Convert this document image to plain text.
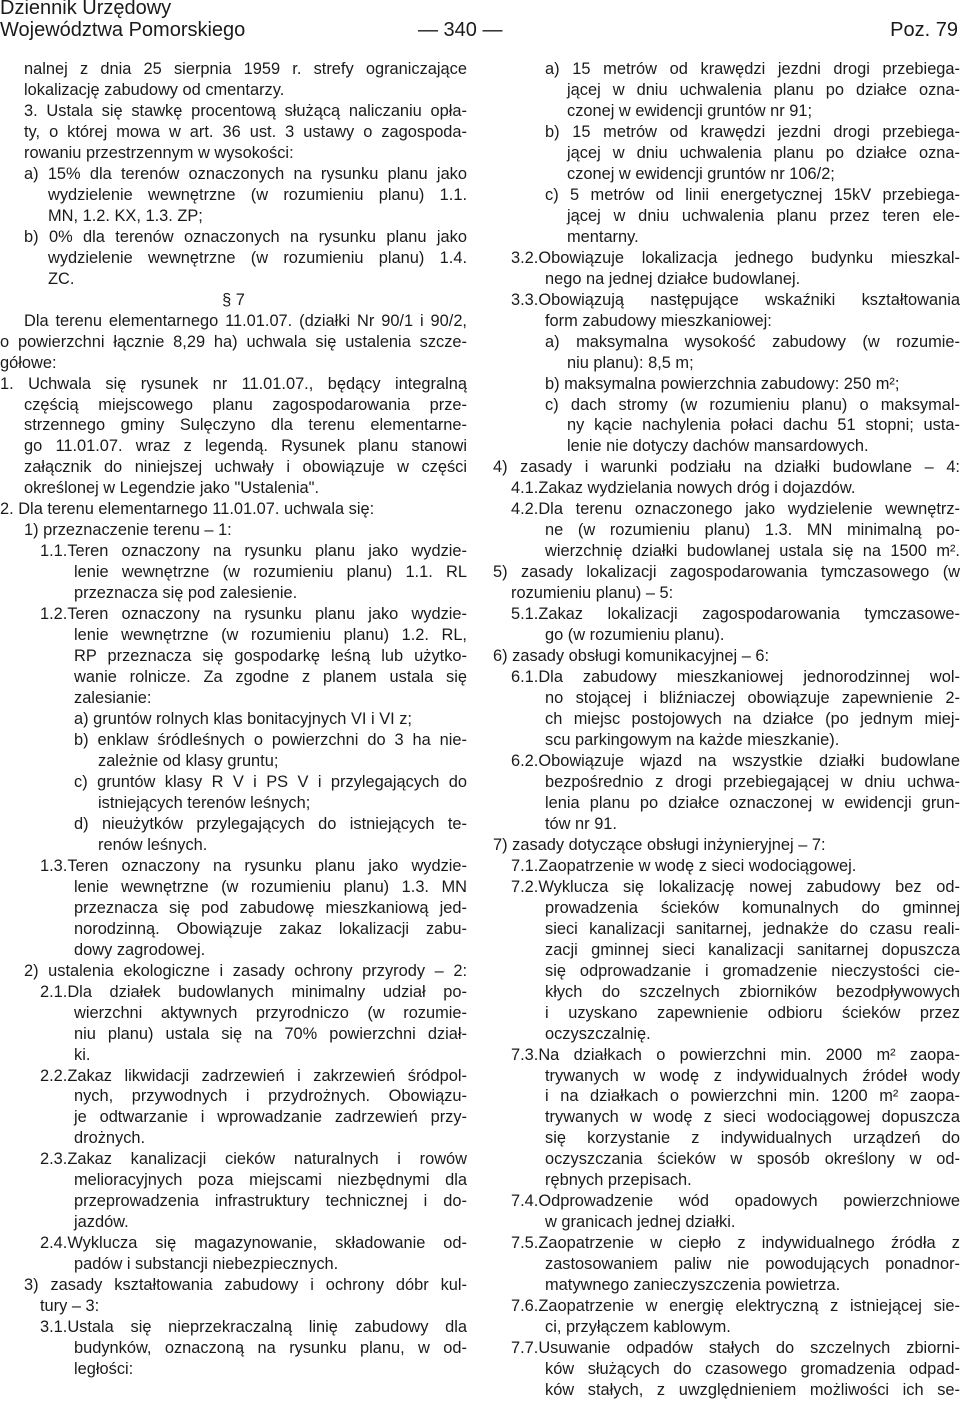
Dziennik Urzędowy
Województwa Pomorskiego	— 340 —	Poz. 79
nalnej z dnia 25 sierpnia 1959 r. strefy ograniczające
lokalizację zabudowy od cmentarzy.
3. Ustala się stawkę procentową służącą naliczaniu opła-
ty, o której mowa w art. 36 ust. 3 ustawy o zagospoda-
rowaniu przestrzennym w wysokości:
a) 15% dla terenów oznaczonych na rysunku planu jako
wydzielenie wewnętrzne (w rozumieniu planu) 1.1.
MN, 1.2. KX, 1.3. ZP;
b) 0% dla terenów oznaczonych na rysunku planu jako
wydzielenie wewnętrzne (w rozumieniu planu) 1.4.
ZC.
§ 7
Dla terenu elementarnego 11.01.07. (działki Nr 90/1 i 90/2,
o powierzchni łącznie 8,29 ha) uchwala się ustalenia szcze-
gółowe:
1. Uchwala się rysunek nr 11.01.07., będący integralną
częścią miejscowego planu zagospodarowania prze-
strzennego gminy Sulęczyno dla terenu elementarne-
go 11.01.07. wraz z legendą. Rysunek planu stanowi
załącznik do niniejszej uchwały i obowiązuje w części
określonej w Legendzie jako "Ustalenia".
2. Dla terenu elementarnego 11.01.07. uchwala się:
1) przeznaczenie terenu – 1:
1.1.Teren oznaczony na rysunku planu jako wydzie-
lenie wewnętrzne (w rozumieniu planu) 1.1. RL
przeznacza się pod zalesienie.
1.2.Teren oznaczony na rysunku planu jako wydzie-
lenie wewnętrzne (w rozumieniu planu) 1.2. RL,
RP przeznacza się gospodarkę leśną lub użytko-
wanie rolnicze. Za zgodne z planem ustala się
zalesianie:
a) gruntów rolnych klas bonitacyjnych VI i VI z;
b) enklaw śródleśnych o powierzchni do 3 ha nie-
zależnie od klasy gruntu;
c) gruntów klasy R V i PS V i przylegających do
istniejących terenów leśnych;
d) nieużytków przylegających do istniejących te-
renów leśnych.
1.3.Teren oznaczony na rysunku planu jako wydzie-
lenie wewnętrzne (w rozumieniu planu) 1.3. MN
przeznacza się pod zabudowę mieszkaniową jed-
norodzinną. Obowiązuje zakaz lokalizacji zabu-
dowy zagrodowej.
2) ustalenia ekologiczne i zasady ochrony przyrody – 2:
2.1.Dla działek budowlanych minimalny udział po-
wierzchni aktywnych przyrodniczo (w rozumie-
niu planu) ustala się na 70% powierzchni dział-
ki.
2.2.Zakaz likwidacji zadrzewień i zakrzewień śródpol-
nych, przywodnych i przydrożnych. Obowiązu-
je odtwarzanie i wprowadzanie zadrzewień przy-
drożnych.
2.3.Zakaz kanalizacji cieków naturalnych i rowów
melioracyjnych poza miejscami niezbędnymi dla
przeprowadzenia infrastruktury technicznej i do-
jazdów.
2.4.Wyklucza się magazynowanie, składowanie od-
padów i substancji niebezpiecznych.
3) zasady kształtowania zabudowy i ochrony dóbr kul-
tury – 3:
3.1.Ustala się nieprzekraczalną linię zabudowy dla
budynków, oznaczoną na rysunku planu, w od-
ległości:
a) 15 metrów od krawędzi jezdni drogi przebiega-
jącej w dniu uchwalenia planu po działce ozna-
czonej w ewidencji gruntów nr 91;
b) 15 metrów od krawędzi jezdni drogi przebiega-
jącej w dniu uchwalenia planu po działce ozna-
czonej w ewidencji gruntów nr 106/2;
c) 5 metrów od linii energetycznej 15kV przebiega-
jącej w dniu uchwalenia planu przez teren ele-
mentarny.
3.2.Obowiązuje lokalizacja jednego budynku mieszkal-
nego na jednej działce budowlanej.
3.3.Obowiązują następujące wskaźniki kształtowania
form zabudowy mieszkaniowej:
a) maksymalna wysokość zabudowy (w rozumie-
niu planu): 8,5 m;
b) maksymalna powierzchnia zabudowy: 250 m²;
c) dach stromy (w rozumieniu planu) o maksymal-
ny kącie nachylenia połaci dachu 51 stopni; usta-
lenie nie dotyczy dachów mansardowych.
4) zasady i warunki podziału na działki budowlane – 4:
4.1.Zakaz wydzielania nowych dróg i dojazdów.
4.2.Dla terenu oznaczonego jako wydzielenie wewnętrz-
ne (w rozumieniu planu) 1.3. MN minimalną po-
wierzchnię działki budowlanej ustala się na 1500 m².
5) zasady lokalizacji zagospodarowania tymczasowego (w
rozumieniu planu) – 5:
5.1.Zakaz lokalizacji zagospodarowania tymczasowe-
go (w rozumieniu planu).
6) zasady obsługi komunikacyjnej – 6:
6.1.Dla zabudowy mieszkaniowej jednorodzinnej wol-
no stojącej i bliźniaczej obowiązuje zapewnienie 2-
ch miejsc postojowych na działce (po jednym miej-
scu parkingowym na każde mieszkanie).
6.2.Obowiązuje wjazd na wszystkie działki budowlane
bezpośrednio z drogi przebiegającej w dniu uchwa-
lenia planu po działce oznaczonej w ewidencji grun-
tów nr 91.
7) zasady dotyczące obsługi inżynieryjnej – 7:
7.1.Zaopatrzenie w wodę z sieci wodociągowej.
7.2.Wyklucza się lokalizację nowej zabudowy bez od-
prowadzenia ścieków komunalnych do gminnej
sieci kanalizacji sanitarnej, jednakże do czasu reali-
zacji gminnej sieci kanalizacji sanitarnej dopuszcza
się odprowadzanie i gromadzenie nieczystości cie-
kłych do szczelnych zbiorników bezodpływowych
i uzyskano zapewnienie odbioru ścieków przez
oczyszczalnię.
7.3.Na działkach o powierzchni min. 2000 m² zaopa-
trywanych w wodę z indywidualnych źródeł wody
i na działkach o powierzchni min. 1200 m² zaopa-
trywanych w wodę z sieci wodociągowej dopuszcza
się korzystanie z indywidualnych urządzeń do
oczyszczania ścieków w sposób określony w od-
rębnych przepisach.
7.4.Odprowadzenie wód opadowych powierzchniowe
w granicach jednej działki.
7.5.Zaopatrzenie w ciepło z indywidualnego źródła z
zastosowaniem paliw nie powodujących ponadnor-
matywnego zanieczyszczenia powietrza.
7.6.Zaopatrzenie w energię elektryczną z istniejącej sie-
ci, przyłączem kablowym.
7.7.Usuwanie odpadów stałych do szczelnych zbiorni-
ków służących do czasowego gromadzenia odpad-
ków stałych, z uwzględnieniem możliwości ich se-
